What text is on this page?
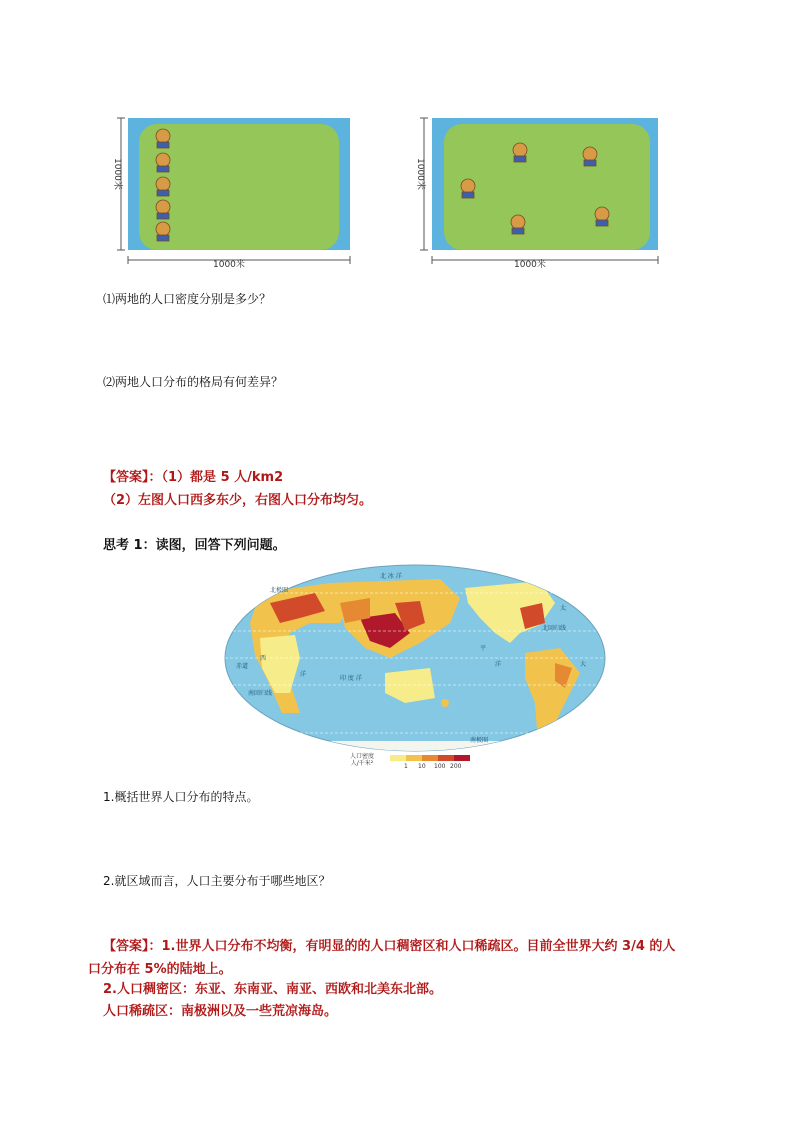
1000米
1000米
1000米
1000米
⑴两地的人口密度分别是多少？
⑵两地人口分布的格局有何差异？
【答案】：（1）都是 5 人/km2
（2）左图人口西多东少，右图人口分布均匀。
思考 1：读图，回答下列问题。
北 冰 洋
北极圈
北回归线
赤道
南回归线
南极圈
太
平
洋	大
西
洋
印 度 洋
人口密度
人/千米²	1 10 100 200
1.概括世界人口分布的特点。
2.就区域而言，人口主要分布于哪些地区？
【答案】：1.世界人口分布不均衡，有明显的的人口稠密区和人口稀疏区。目前全世界大约 3/4 的人
口分布在 5%的陆地上。
2.人口稠密区：东亚、东南亚、南亚、西欧和北美东北部。
人口稀疏区：南极洲以及一些荒凉海岛。
